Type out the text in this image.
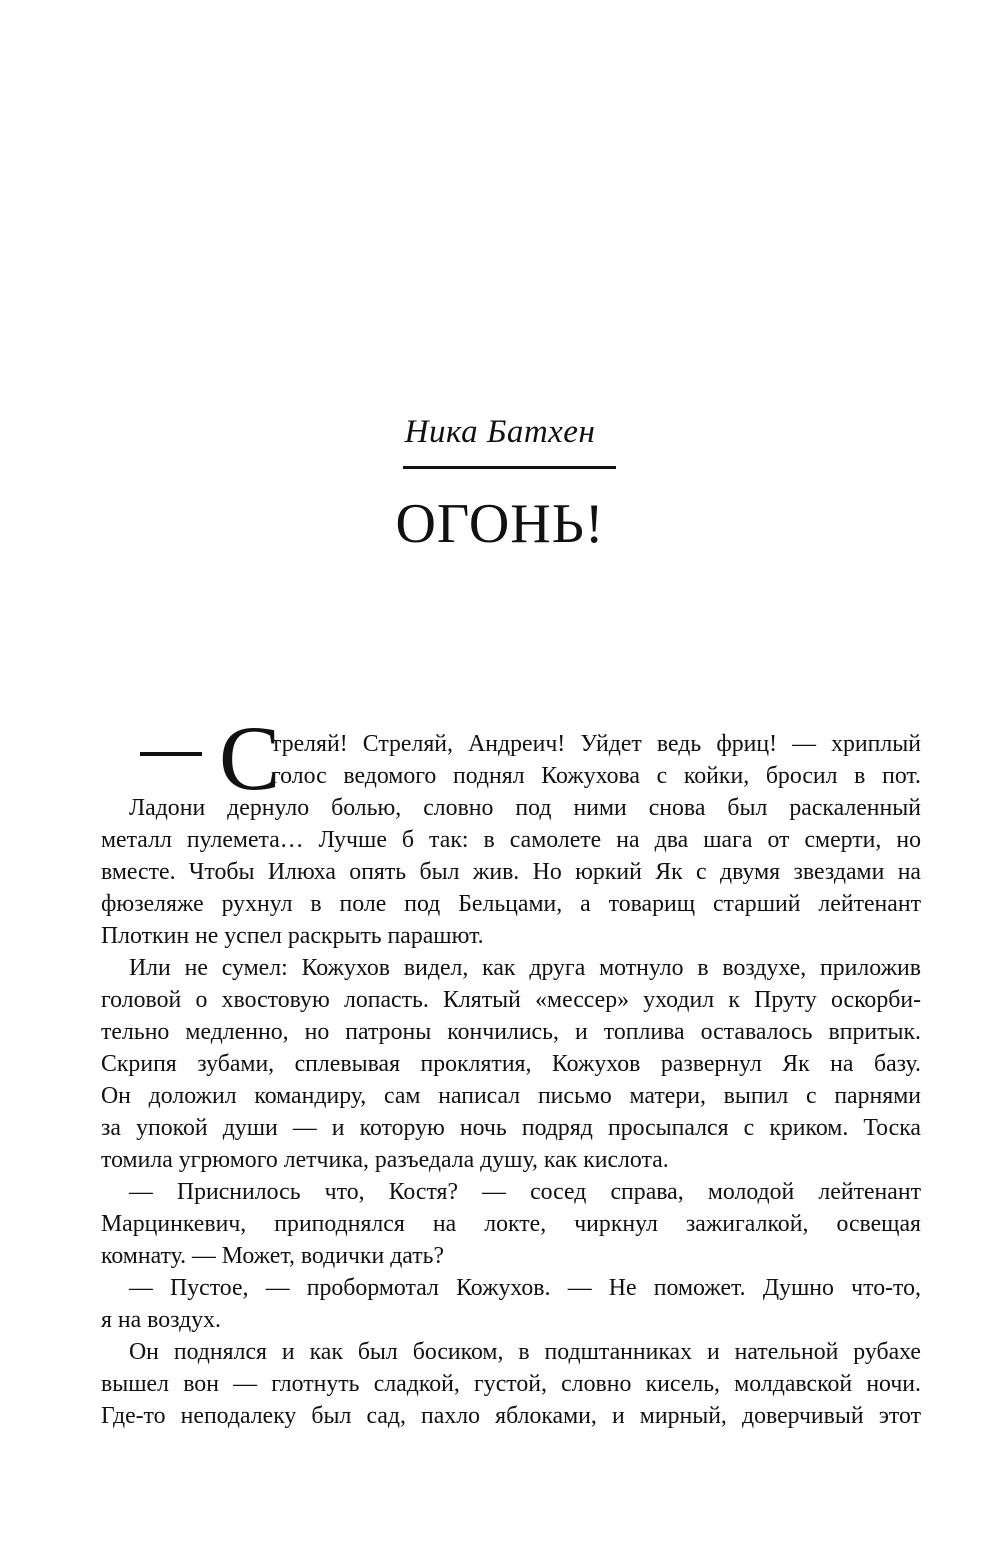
Ника Батхен
ОГОНЬ!
С
треляй! Стреляй, Андреич! Уйдет ведь фриц! — хриплый
голос ведомого поднял Кожухова с койки, бросил в пот.
Ладони дернуло болью, словно под ними снова был раскаленный
металл пулемета… Лучше б так: в самолете на два шага от смерти, но
вместе. Чтобы Илюха опять был жив. Но юркий Як с двумя звездами на
фюзеляже рухнул в поле под Бельцами, а товарищ старший лейтенант
Плоткин не успел раскрыть парашют.
Или не сумел: Кожухов видел, как друга мотнуло в воздухе, приложив
головой о хвостовую лопасть. Клятый «мессер» уходил к Пруту оскорби-
тельно медленно, но патроны кончились, и топлива оставалось впритык.
Скрипя зубами, сплевывая проклятия, Кожухов развернул Як на базу.
Он доложил командиру, сам написал письмо матери, выпил с парнями
за упокой души — и которую ночь подряд просыпался с криком. Тоска
томила угрюмого летчика, разъедала душу, как кислота.
— Приснилось что, Костя? — сосед справа, молодой лейтенант
Марцинкевич, приподнялся на локте, чиркнул зажигалкой, освещая
комнату. — Может, водички дать?
— Пустое, — пробормотал Кожухов. — Не поможет. Душно что-то,
я на воздух.
Он поднялся и как был босиком, в подштанниках и нательной рубахе
вышел вон — глотнуть сладкой, густой, словно кисель, молдавской ночи.
Где-то неподалеку был сад, пахло яблоками, и мирный, доверчивый этот
